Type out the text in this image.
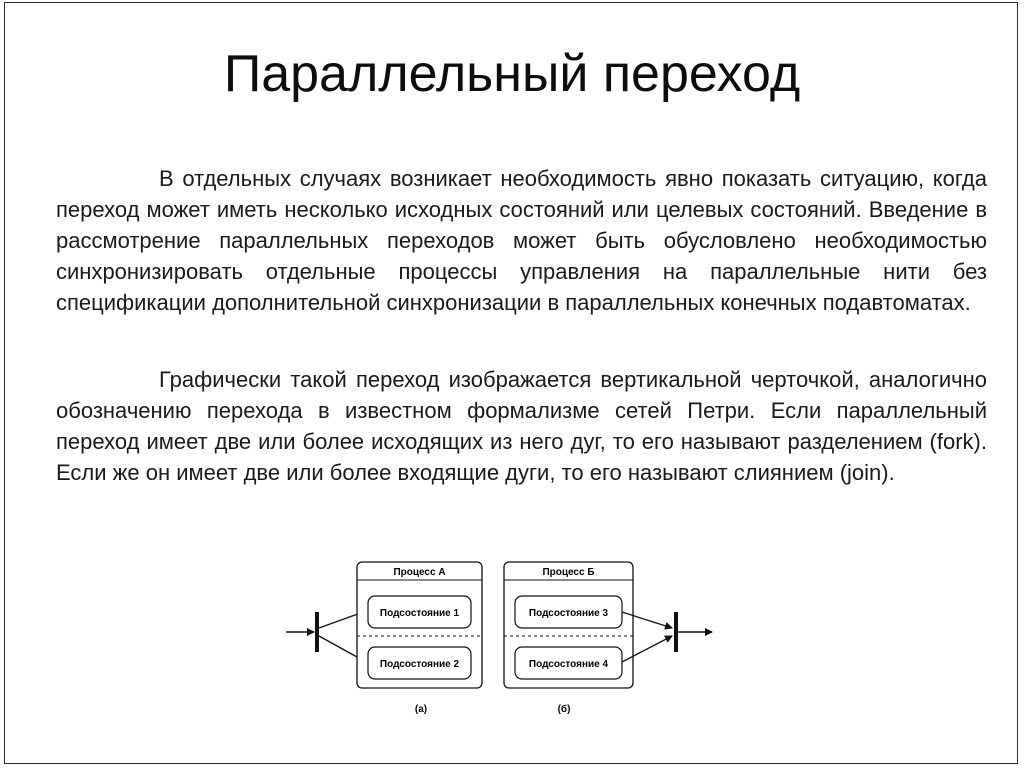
Параллельный переход

В отдельных случаях возникает необходимость явно показать ситуацию, когда переход может иметь несколько исходных состояний или целевых состояний. Введение в рассмотрение параллельных переходов может быть обусловлено необходимостью синхронизировать отдельные процессы управления на параллельные нити без спецификации дополнительной синхронизации в параллельных конечных подавтоматах.

Графически такой переход изображается вертикальной черточкой, аналогично обозначению перехода в известном формализме сетей Петри. Если параллельный переход имеет две или более исходящих из него дуг, то его называют разделением (fork). Если же он имеет две или более входящие дуги, то его называют слиянием (join).

Процесс А
Подсостояние 1
Подсостояние 2
(а)
Процесс Б
Подсостояние 3
Подсостояние 4
(б)
